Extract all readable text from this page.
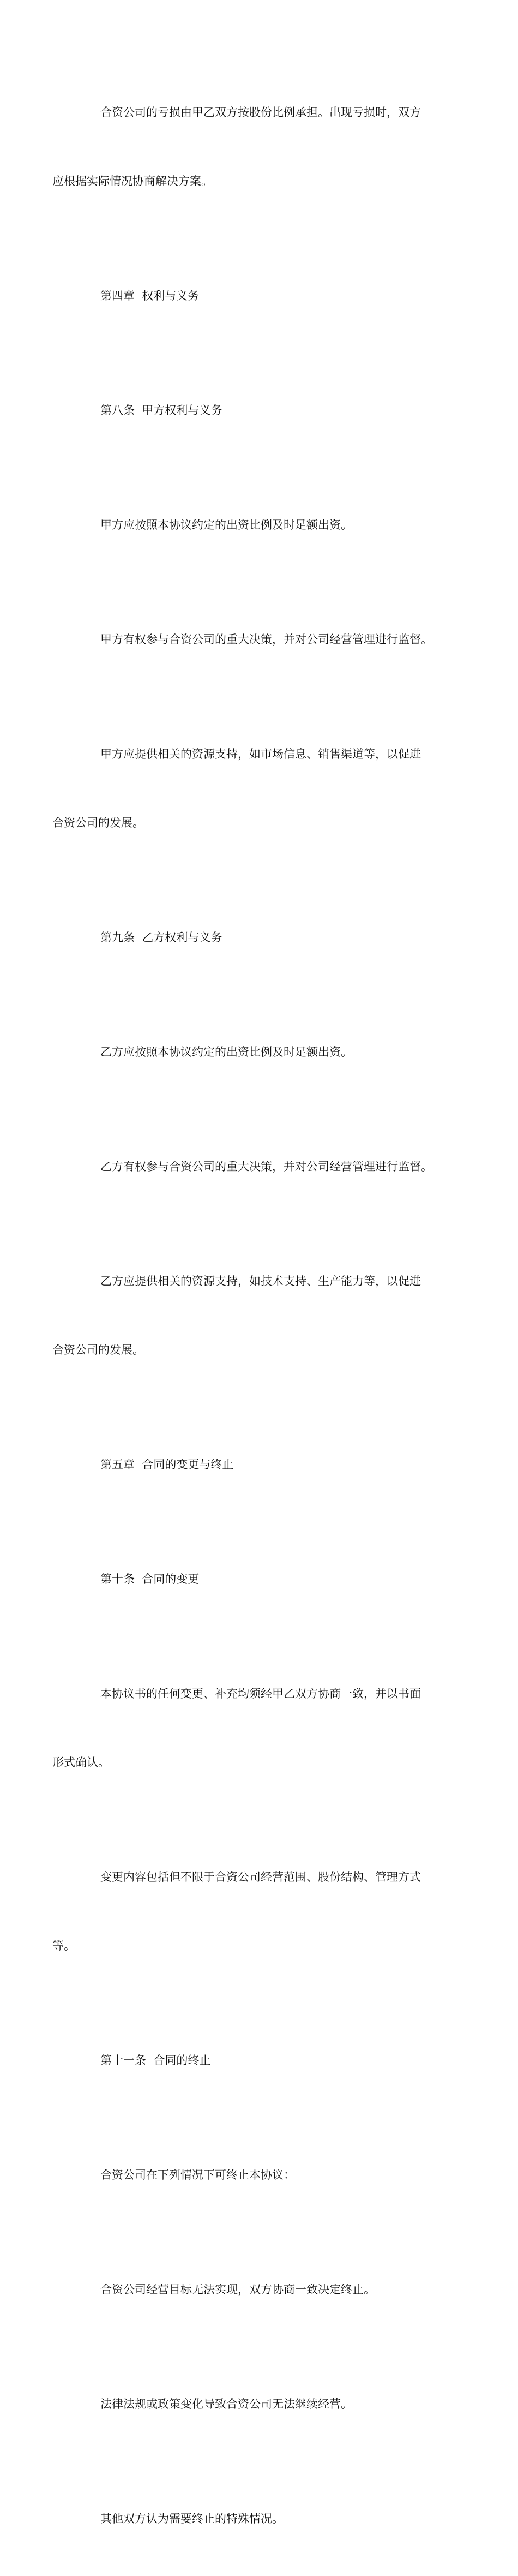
合资公司的亏损由甲乙双方按股份比例承担。出现亏损时，双方

应根据实际情况协商解决方案。

第四章  权利与义务

第八条  甲方权利与义务

甲方应按照本协议约定的出资比例及时足额出资。

甲方有权参与合资公司的重大决策，并对公司经营管理进行监督。

甲方应提供相关的资源支持，如市场信息、销售渠道等，以促进

合资公司的发展。

第九条  乙方权利与义务

乙方应按照本协议约定的出资比例及时足额出资。

乙方有权参与合资公司的重大决策，并对公司经营管理进行监督。

乙方应提供相关的资源支持，如技术支持、生产能力等，以促进

合资公司的发展。

第五章  合同的变更与终止

第十条  合同的变更

本协议书的任何变更、补充均须经甲乙双方协商一致，并以书面

形式确认。

变更内容包括但不限于合资公司经营范围、股份结构、管理方式

等。

第十一条  合同的终止

合资公司在下列情况下可终止本协议：

合资公司经营目标无法实现，双方协商一致决定终止。

法律法规或政策变化导致合资公司无法继续经营。

其他双方认为需要终止的特殊情况。
